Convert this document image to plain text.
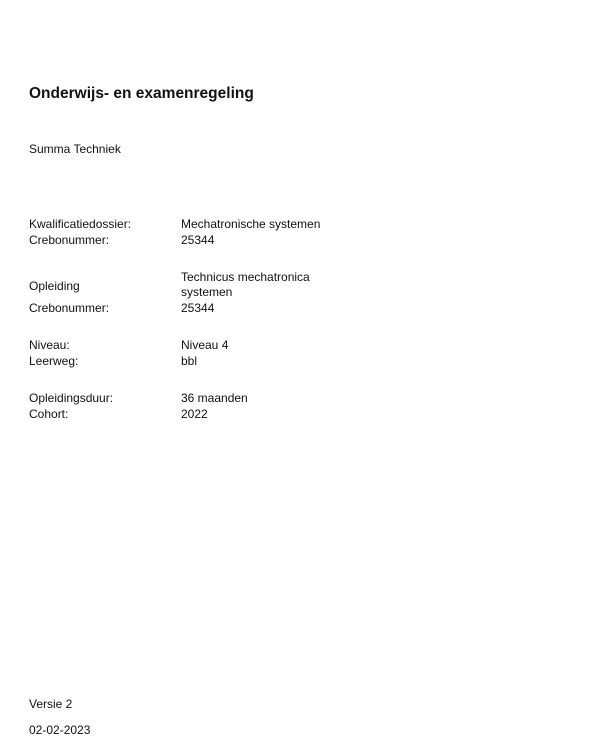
Onderwijs- en examenregeling
Summa Techniek
Kwalificatiedossier:	Mechatronische systemen
Crebonummer:	25344

Opleiding	Technicus mechatronica
systemen

Crebonummer:	25344

Niveau:	Niveau 4
Leerweg:	bbl

Opleidingsduur:	36 maanden
Cohort:	2022
Versie 2
02-02-2023
